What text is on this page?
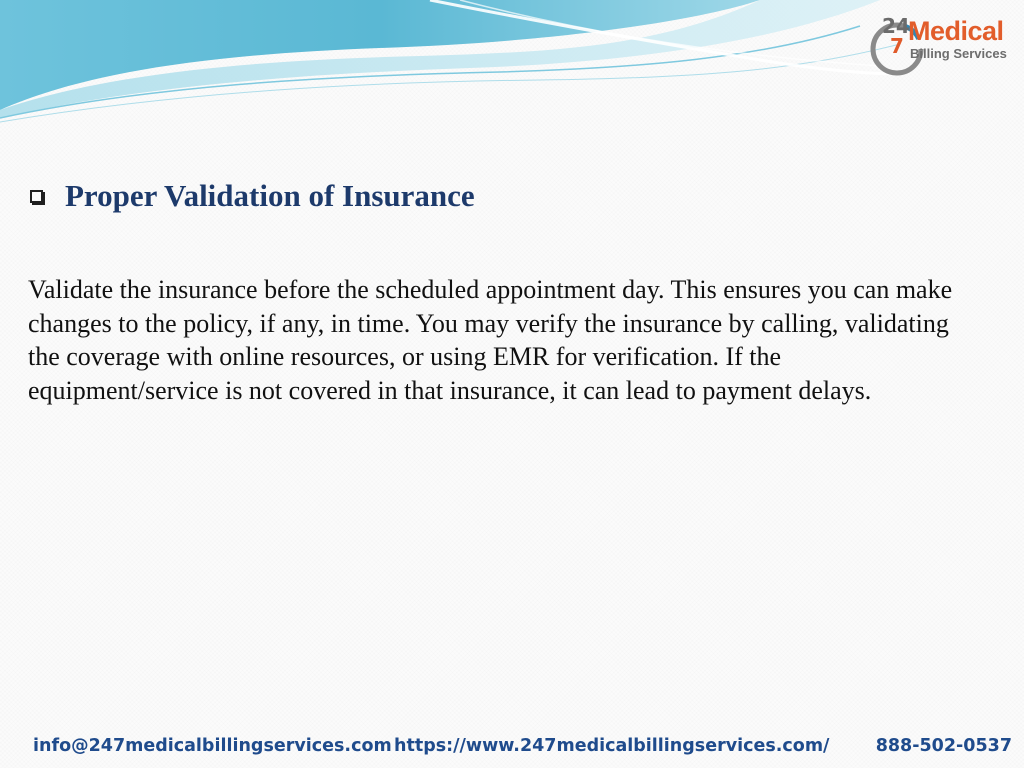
24
7 Medical
Billing Services
Proper Validation of Insurance

Validate the insurance before the scheduled appointment day. This ensures you can make changes to the policy, if any, in time. You may verify the insurance by calling, validating the coverage with online resources, or using EMR for verification. If the equipment/service is not covered in that insurance, it can lead to payment delays.

info@247medicalbillingservices.com https://www.247medicalbillingservices.com/	888-502-0537
